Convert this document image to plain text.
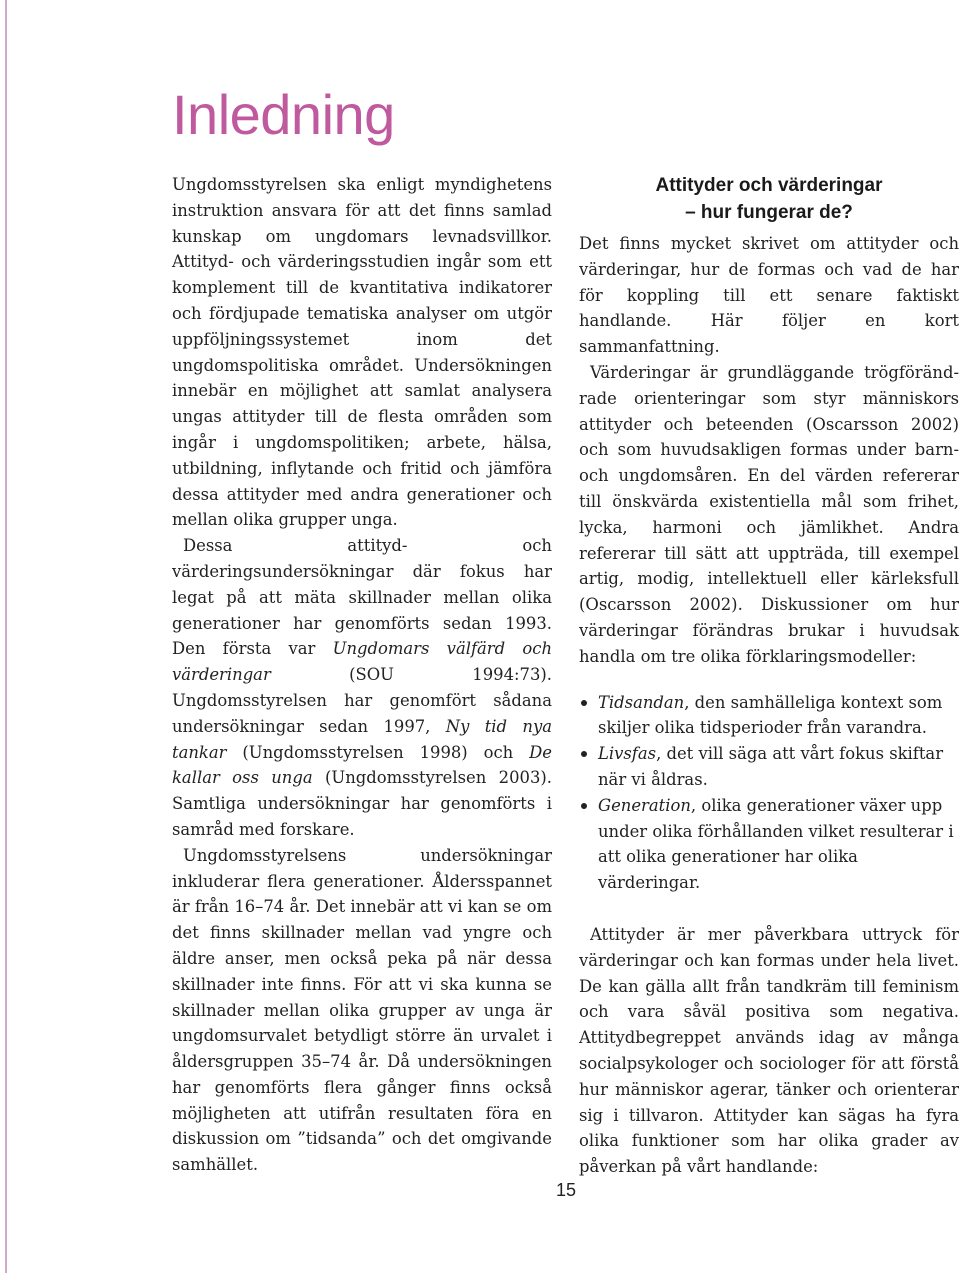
Inledning

Ungdomsstyrelsen ska enligt myndighetens instruktion ansvara för att det finns samlad kunskap om ungdomars levnadsvillkor. Attityd- och värderingsstudien ingår som ett komplement till de kvantitativa indikatorer och fördjupade tematiska analyser om utgör uppföljningssystemet inom det ungdomspolitiska området. Undersökningen innebär en möjlighet att samlat analysera ungas attityder till de flesta områden som ingår i ungdomspolitiken; arbete, hälsa, utbildning, inflytande och fritid och jämföra dessa attityder med andra generationer och mellan olika grupper unga.

Dessa attityd- och värderingsundersökningar där fokus har legat på att mäta skillnader mellan olika generationer har genomförts sedan 1993. Den första var Ungdomars välfärd och värderingar (SOU 1994:73). Ungdomsstyrelsen har genomfört sådana undersökningar sedan 1997, Ny tid nya tankar (Ungdomsstyrelsen 1998) och De kallar oss unga (Ungdomsstyrelsen 2003). Samtliga undersökningar har genomförts i samråd med forskare.

Ungdomsstyrelsens undersökningar inkluderar flera generationer. Åldersspannet är från 16–74 år. Det innebär att vi kan se om det finns skillnader mellan vad yngre och äldre anser, men också peka på när dessa skillnader inte finns. För att vi ska kunna se skillnader mellan olika grupper av unga är ungdomsurvalet betydligt större än urvalet i åldersgruppen 35–74 år. Då undersökningen har genomförts flera gånger finns också möjligheten att utifrån resultaten föra en diskussion om ”tidsanda” och det omgivande samhället.

Attityder och värderingar
– hur fungerar de?

Det finns mycket skrivet om attityder och värderingar, hur de formas och vad de har för koppling till ett senare faktiskt handlande. Här följer en kort sammanfattning.

Värderingar är grundläggande trögförändrade orienteringar som styr människors attityder och beteenden (Oscarsson 2002) och som huvudsakligen formas under barn- och ungdomsåren. En del värden refererar till önskvärda existentiella mål som frihet, lycka, harmoni och jämlikhet. Andra refererar till sätt att uppträda, till exempel artig, modig, intellektuell eller kärleksfull (Oscarsson 2002). Diskussioner om hur värderingar förändras brukar i huvudsak handla om tre olika förklaringsmodeller:

Tidsandan, den samhälleliga kontext som skiljer olika tidsperioder från varandra.
Livsfas, det vill säga att vårt fokus skiftar när vi åldras.
Generation, olika generationer växer upp under olika förhållanden vilket resulterar i att olika generationer har olika värderingar.

Attityder är mer påverkbara uttryck för värderingar och kan formas under hela livet. De kan gälla allt från tandkräm till feminism och vara såväl positiva som negativa. Attitydbegreppet används idag av många socialpsykologer och sociologer för att förstå hur människor agerar, tänker och orienterar sig i tillvaron. Attityder kan sägas ha fyra olika funktioner som har olika grader av påverkan på vårt handlande:

15
